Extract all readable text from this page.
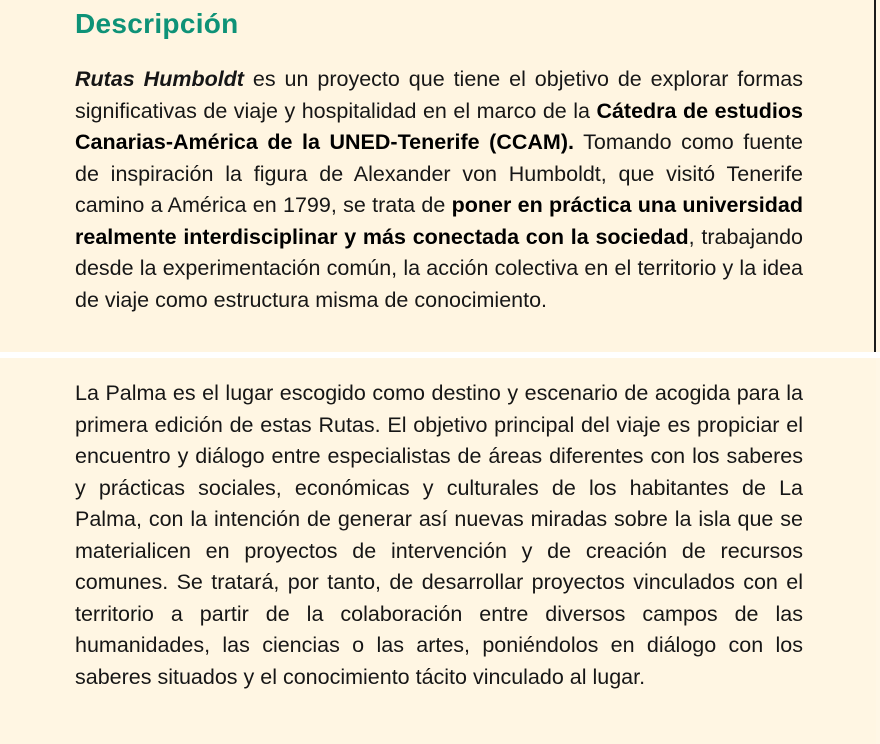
Descripción

Rutas Humboldt es un proyecto que tiene el objetivo de explorar formas significativas de viaje y hospitalidad en el marco de la Cátedra de estudios Canarias-América de la UNED-Tenerife (CCAM). Tomando como fuente de inspiración la figura de Alexander von Humboldt, que visitó Tenerife camino a América en 1799, se trata de poner en práctica una universidad realmente interdisciplinar y más conectada con la sociedad, trabajando desde la experimentación común, la acción colectiva en el territorio y la idea de viaje como estructura misma de conocimiento.

La Palma es el lugar escogido como destino y escenario de acogida para la primera edición de estas Rutas. El objetivo principal del viaje es propiciar el encuentro y diálogo entre especialistas de áreas diferentes con los saberes y prácticas sociales, económicas y culturales de los habitantes de La Palma, con la intención de generar así nuevas miradas sobre la isla que se materialicen en proyectos de intervención y de creación de recursos comunes. Se tratará, por tanto, de desarrollar proyectos vinculados con el territorio a partir de la colaboración entre diversos campos de las humanidades, las ciencias o las artes, poniéndolos en diálogo con los saberes situados y el conocimiento tácito vinculado al lugar.
